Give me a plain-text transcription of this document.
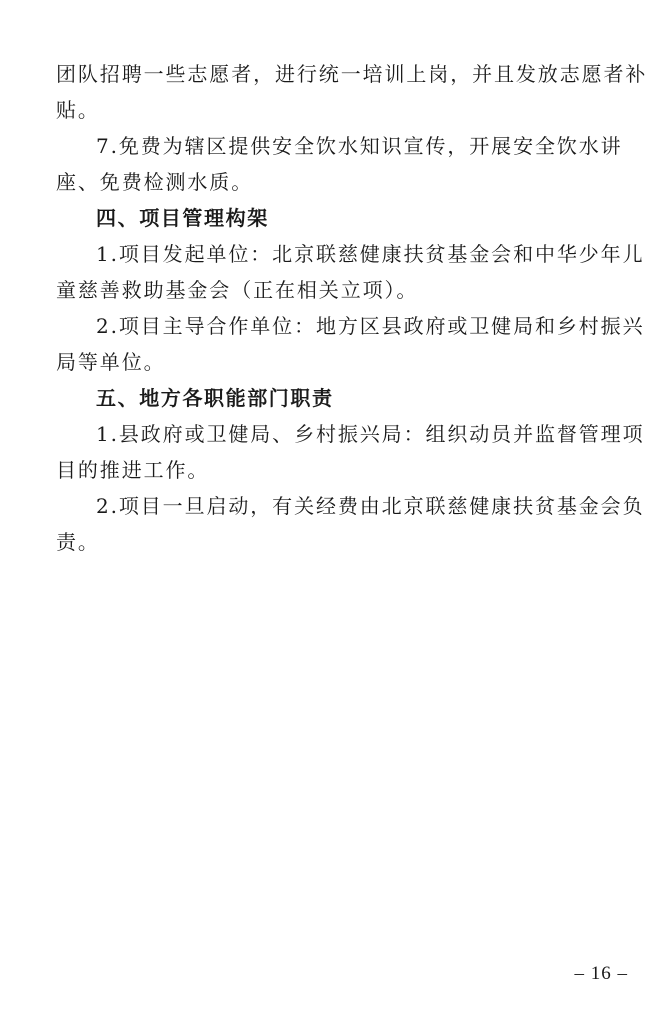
团队招聘一些志愿者，进行统一培训上岗，并且发放志愿者补

贴。

7.免费为辖区提供安全饮水知识宣传，开展安全饮水讲

座、免费检测水质。

四、项目管理构架

1.项目发起单位：北京联慈健康扶贫基金会和中华少年儿

童慈善救助基金会（正在相关立项）。

2.项目主导合作单位：地方区县政府或卫健局和乡村振兴

局等单位。

五、地方各职能部门职责

1.县政府或卫健局、乡村振兴局：组织动员并监督管理项

目的推进工作。

2.项目一旦启动，有关经费由北京联慈健康扶贫基金会负

责。

– 16 –
